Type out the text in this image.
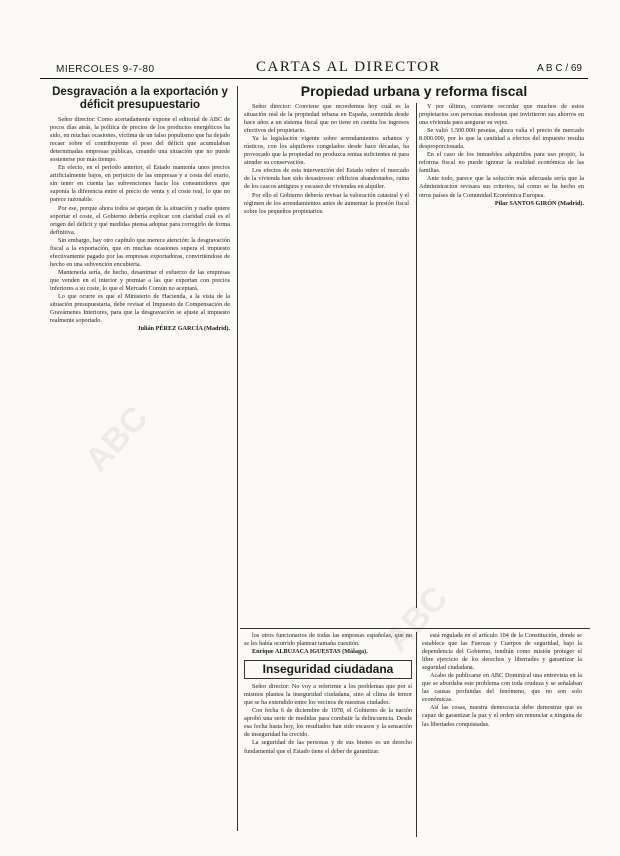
MIERCOLES 9-7-80	CARTAS AL DIRECTOR	A B C / 69
Desgravación a la exportación y déficit presupuestario

Señor director: Como acertadamente expone el editorial de ABC de pocos días atrás, la política de precios de los productos energéticos ha sido, en muchas ocasiones, víctima de un falso populismo que ha dejado recaer sobre el contribuyente el peso del déficit que acumulaban determinadas empresas públicas, creando una situación que no puede sostenerse por más tiempo.

En efecto, en el período anterior, el Estado mantenía unos precios artificialmente bajos, en perjuicio de las empresas y a costa del erario, sin tener en cuenta las subvenciones hacia los consumidores que suponía la diferencia entre el precio de venta y el coste real, lo que no parece razonable.

Por ese, porque ahora todos se quejan de la situación y nadie quiere soportar el coste, el Gobierno debería explicar con claridad cuál es el origen del déficit y qué medidas piensa adoptar para corregirlo de forma definitiva.

Sin embargo, hay otro capítulo que merece atención: la desgravación fiscal a la exportación, que en muchas ocasiones supera el impuesto efectivamente pagado por las empresas exportadoras, convirtiéndose de hecho en una subvención encubierta.

Mantenerla sería, de hecho, desanimar el esfuerzo de las empresas que venden en el interior y premiar a las que exportan con precios inferiores a su coste, lo que el Mercado Común no aceptará.

Lo que ocurre es que el Ministerio de Hacienda, a la vista de la situación presupuestaria, debe revisar el Impuesto de Compensación de Gravámenes Interiores, para que la desgravación se ajuste al impuesto realmente soportado.

Julián PÉREZ GARCÍA (Madrid).

Propiedad urbana y reforma fiscal

Señor director: Conviene que recordemos hoy cuál es la situación real de la propiedad urbana en España, sometida desde hace años a un sistema fiscal que no tiene en cuenta los ingresos efectivos del propietario.

Ya la legislación vigente sobre arrendamientos urbanos y rústicos, con los alquileres congelados desde hace décadas, ha provocado que la propiedad no produzca rentas suficientes ni para atender su conservación.

Los efectos de esta intervención del Estado sobre el mercado de la vivienda han sido desastrosos: edificios abandonados, ruina de los cascos antiguos y escasez de viviendas en alquiler.

Por ello el Gobierno debería revisar la valoración catastral y el régimen de los arrendamientos antes de aumentar la presión fiscal sobre los pequeños propietarios.

Y por último, conviene recordar que muchos de estos propietarios son personas modestas que invirtieron sus ahorros en una vivienda para asegurar su vejez.

Se valió 1.500.000 pesetas, ahora valía el precio de mercado 8.000.000, por lo que la cantidad a efectos del impuesto resulta desproporcionada.

En el caso de los inmuebles adquiridos para uso propio, la reforma fiscal no puede ignorar la realidad económica de las familias.

Ante todo, parece que la solución más adecuada sería que la Administración revisara sus criterios, tal como se ha hecho en otros países de la Comunidad Económica Europea.

Pilar SANTOS GIRÓN (Madrid).

los otros funcionarios de todas las empresas españolas, que no se les había ocurrido plantear tamaña cuestión.

Enrique ALBUJACA IGUESTAS (Málaga).

Inseguridad ciudadana

Señor director: No voy a referirme a los problemas que por sí mismos plantea la inseguridad ciudadana, sino al clima de temor que se ha extendido entre los vecinos de nuestras ciudades.

Con fecha 6 de diciembre de 1978, el Gobierno de la nación aprobó una serie de medidas para combatir la delincuencia. Desde esa fecha hasta hoy, los resultados han sido escasos y la sensación de inseguridad ha crecido.

La seguridad de las personas y de sus bienes es un derecho fundamental que el Estado tiene el deber de garantizar.

está regulada en el artículo 104 de la Constitución, donde se establece que las Fuerzas y Cuerpos de seguridad, bajo la dependencia del Gobierno, tendrán como misión proteger el libre ejercicio de los derechos y libertades y garantizar la seguridad ciudadana.

Acabo de publicarse en ABC Dominical una entrevista en la que se abordaba este problema con toda crudeza y se señalaban las causas profundas del fenómeno, que no son solo económicas.

Así las cosas, nuestra democracia debe demostrar que es capaz de garantizar la paz y el orden sin renunciar a ninguna de las libertades conquistadas.

ABC
ABC
